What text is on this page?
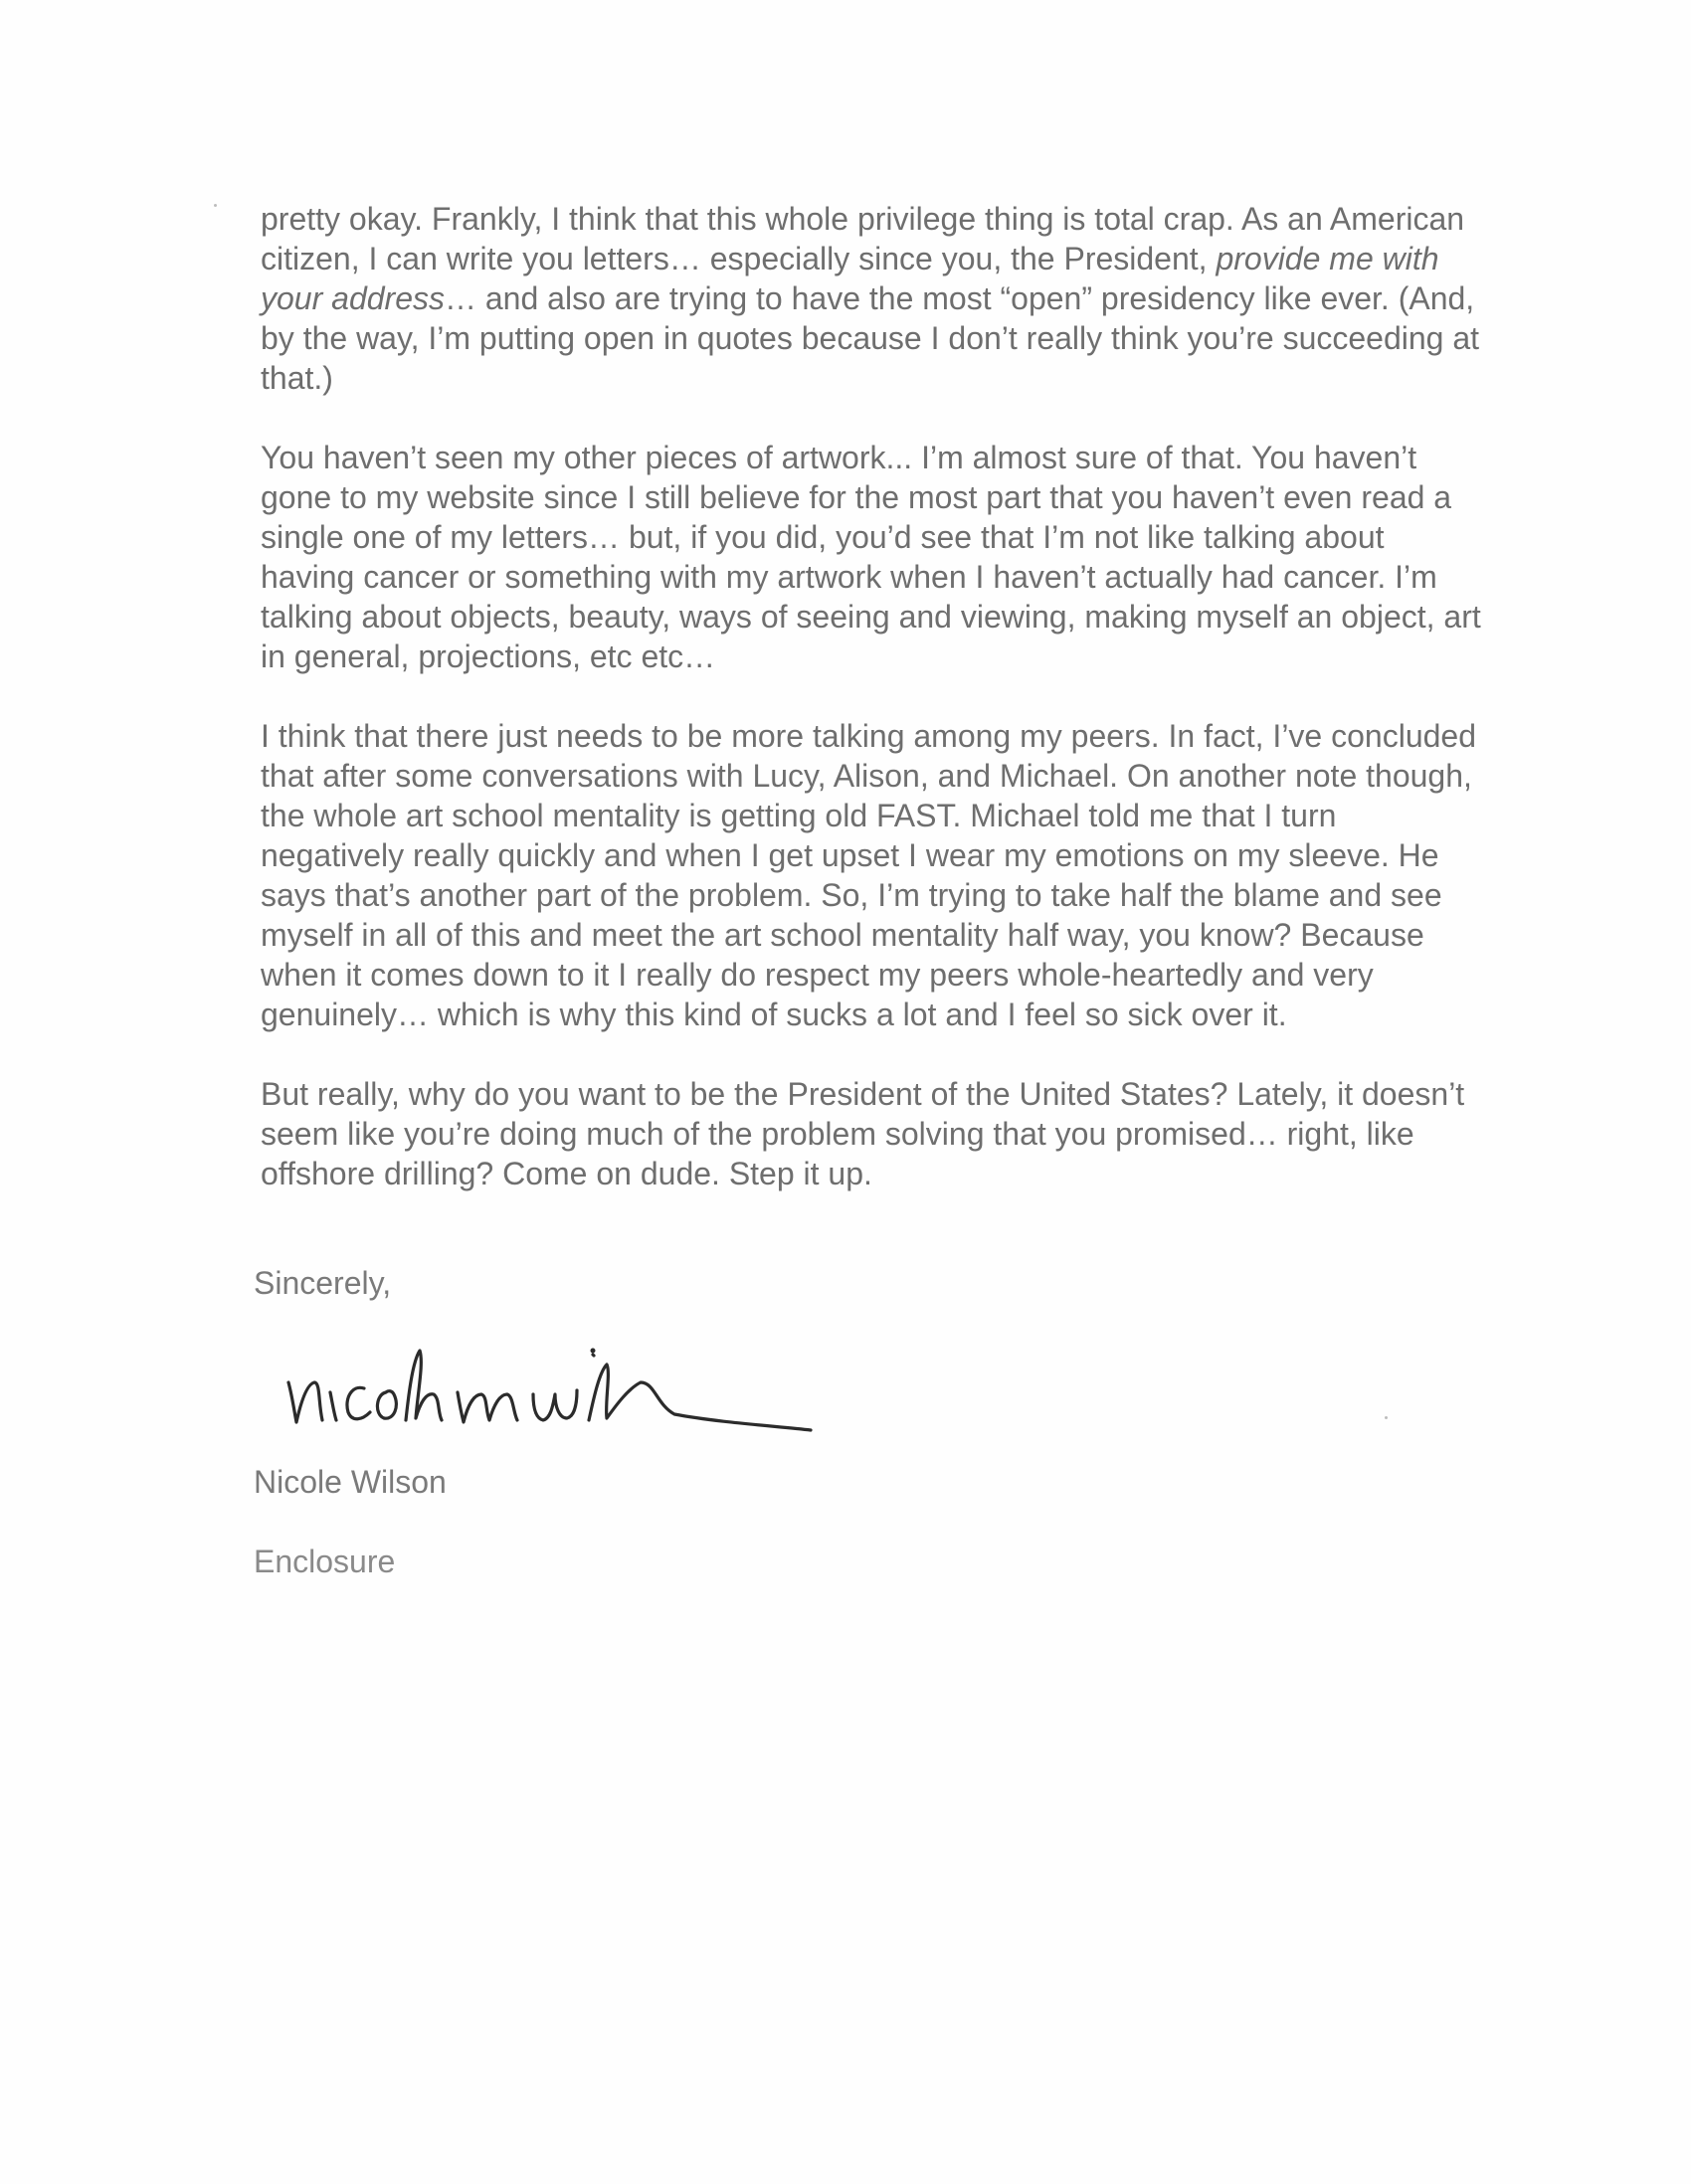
pretty okay. Frankly, I think that this whole privilege thing is total crap. As an American citizen, I can write you letters… especially since you, the President, provide me with your address… and also are trying to have the most “open” presidency like ever. (And, by the way, I’m putting open in quotes because I don’t really think you’re succeeding at that.)

You haven’t seen my other pieces of artwork... I’m almost sure of that. You haven’t gone to my website since I still believe for the most part that you haven’t even read a single one of my letters… but, if you did, you’d see that I’m not like talking about having cancer or something with my artwork when I haven’t actually had cancer. I’m talking about objects, beauty, ways of seeing and viewing, making myself an object, art in general, projections, etc etc…

I think that there just needs to be more talking among my peers. In fact, I’ve concluded that after some conversations with Lucy, Alison, and Michael. On another note though, the whole art school mentality is getting old FAST. Michael told me that I turn negatively really quickly and when I get upset I wear my emotions on my sleeve. He says that’s another part of the problem. So, I’m trying to take half the blame and see myself in all of this and meet the art school mentality half way, you know? Because when it comes down to it I really do respect my peers whole-heartedly and very genuinely… which is why this kind of sucks a lot and I feel so sick over it.

But really, why do you want to be the President of the United States? Lately, it doesn’t seem like you’re doing much of the problem solving that you promised… right, like offshore drilling? Come on dude. Step it up.

Sincerely,
Nicole Wilson
Enclosure
